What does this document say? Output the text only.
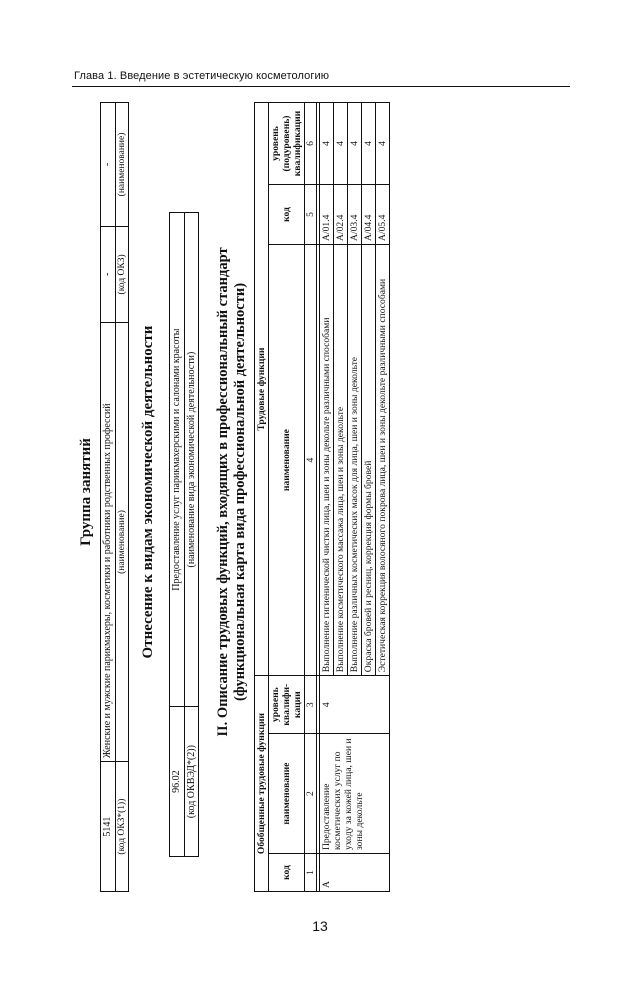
Глава 1. Введение в эстетическую косметологию
Группа занятий
5141	Женские и мужские парикмахеры, косметики и работники родственных профессий	-	-
(код ОКЗ*(1))	(наименование)	(код ОКЗ)	(наименование)
Отнесение к видам экономической деятельности
96.02	Предоставление услуг парикмахерскими и салонами красоты
(код ОКВЭД*(2))	(наименование вида экономической деятельности) II. Описание трудовых функций, входящих в профессиональный стандарт (функциональная карта вида профессиональной деятельности)
Обобщенные трудовые функции			Трудовые функции		
код	наименование	уровень квалифи-кации	наименование	код	уровень (подуровень) квалификации
1	2	3	4	5	6

А	Предоставление косметических услуг по уходу за кожей лица, шеи и зоны декольте	4	Выполнение гигиенической чистки лица, шеи и зоны декольте различными способами	A/01.4	4
			Выполнение косметического массажа лица, шеи и зоны декольте	A/02.4	4
			Выполнение различных косметических масок для лица, шеи и зоны декольте	A/03.4	4
			Окраска бровей и ресниц, коррекция формы бровей	A/04.4	4
			Эстетическая коррекция волосяного покрова лица, шеи и зоны декольте различными способами	A/05.4	4
13
